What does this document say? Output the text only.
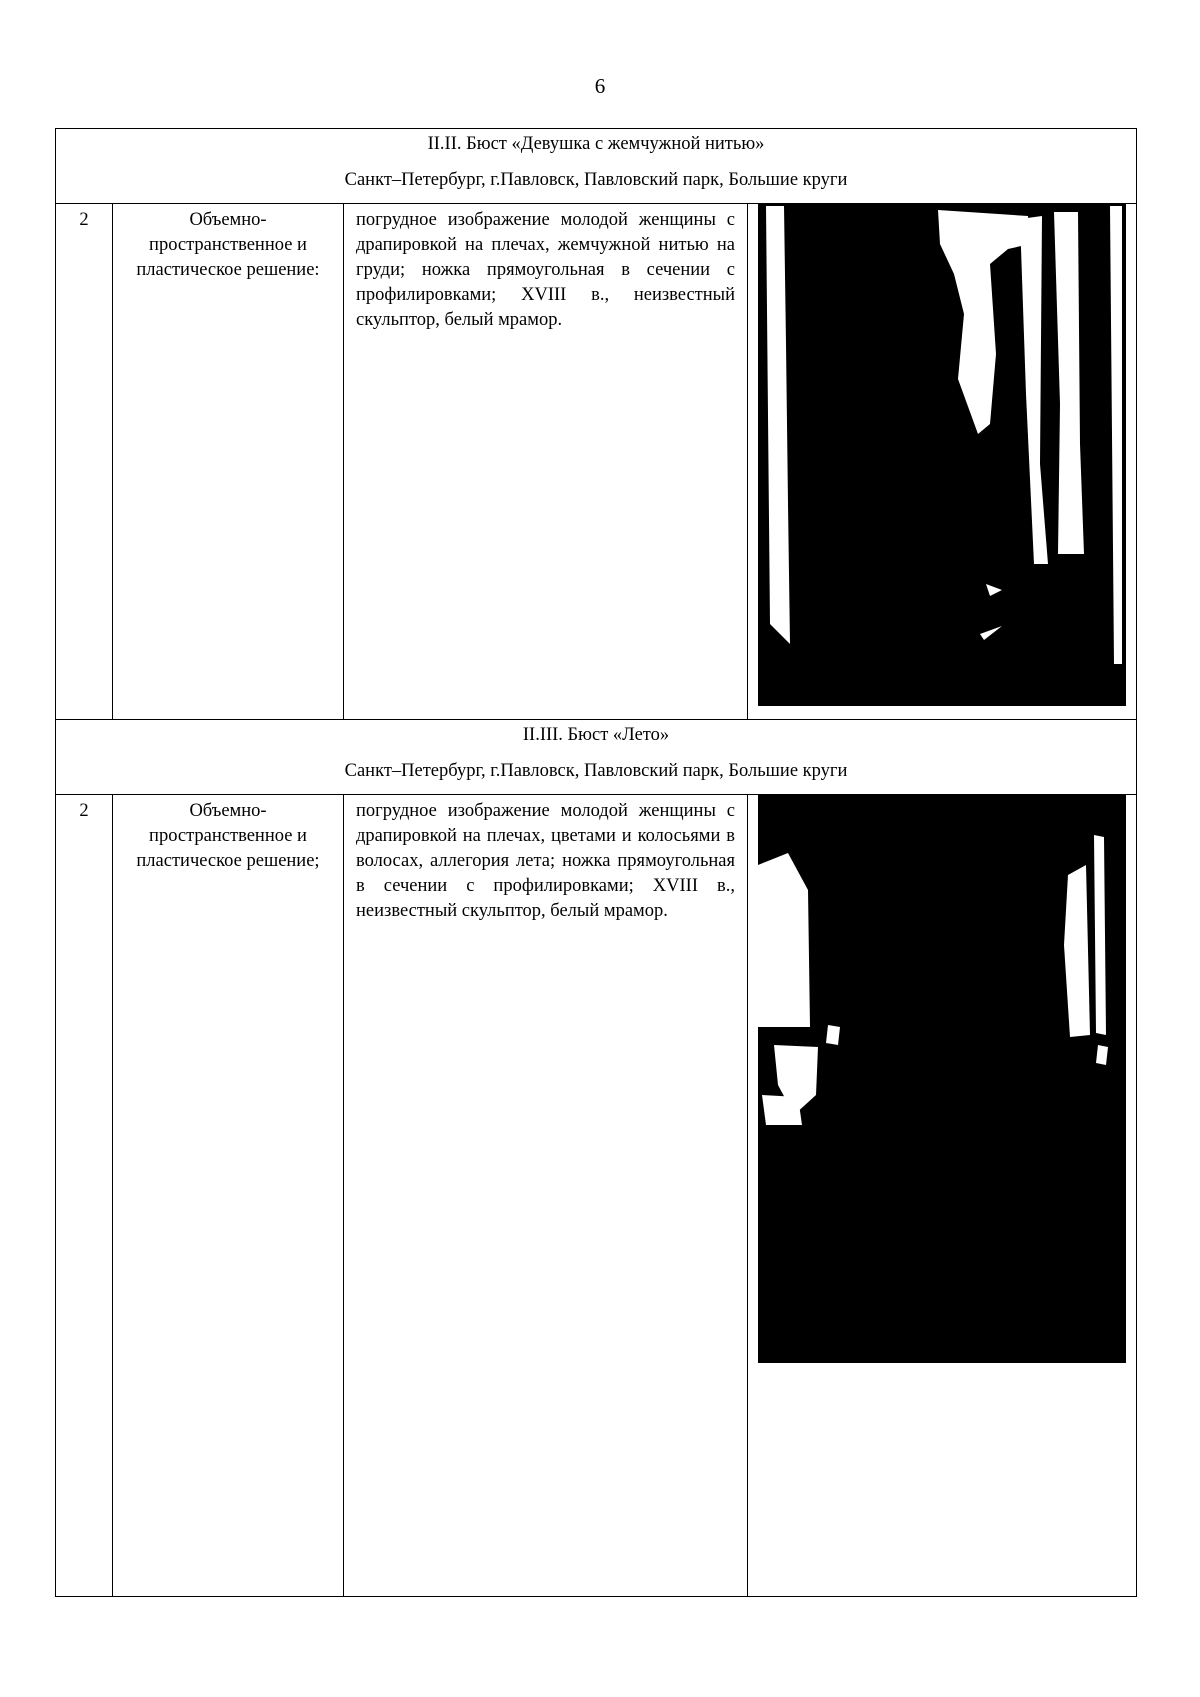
6
II.II. Бюст «Девушка с жемчужной нитью»
Санкт–Петербург, г.Павловск, Павловский парк, Большие круги			

2	Объемно-пространственное и пластическое решение:	погрудное изображение молодой женщины с драпировкой на плечах, жемчужной нитью на груди; ножка прямоугольная в сечении с профилировками; XVIII в., неизвестный скульптор, белый мрамор.	

II.III. Бюст «Лето»
Санкт–Петербург, г.Павловск, Павловский парк, Большие круги			

2	Объемно-пространственное и пластическое решение;	погрудное изображение молодой женщины с драпировкой на плечах, цветами и колосьями в волосах, аллегория лета; ножка прямоугольная в сечении с профилировками; XVIII в., неизвестный скульптор, белый мрамор.	
